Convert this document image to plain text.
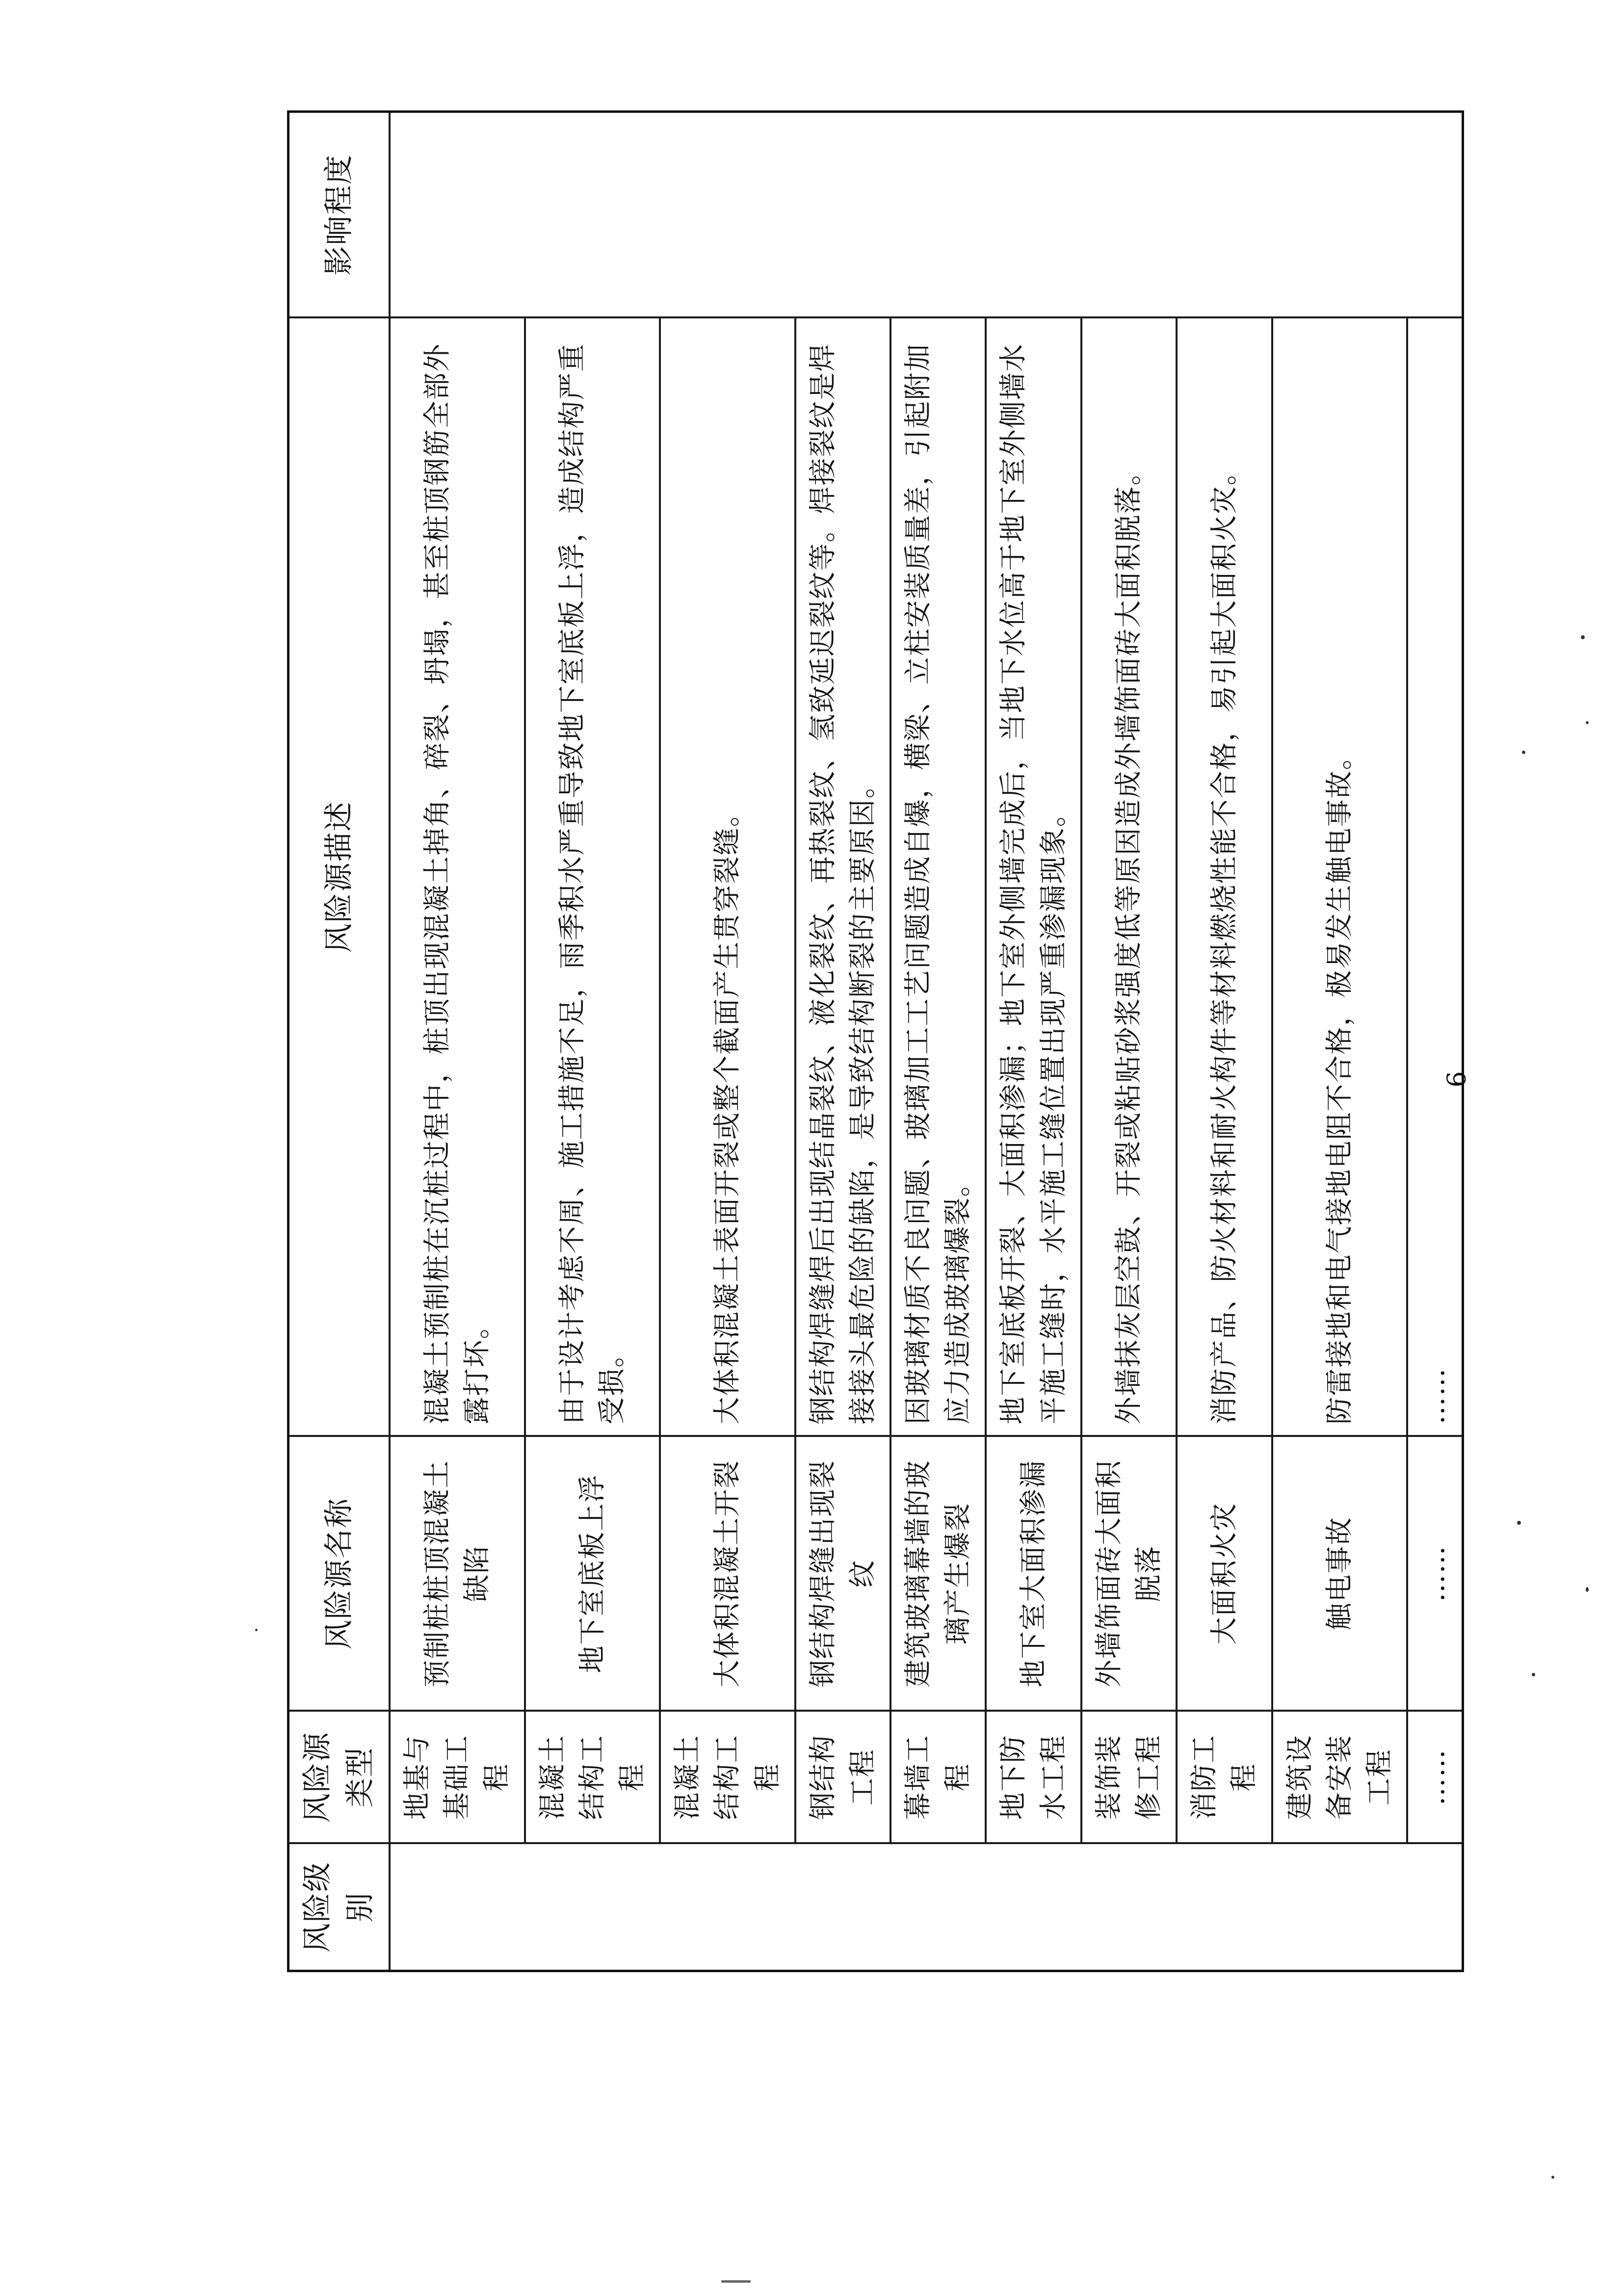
风险级别	风险源类型	风险源名称	风险源描述	影响程度
	地基与基础工程	预制桩桩顶混凝土缺陷	混凝土预制桩在沉桩过程中，桩顶出现混凝土掉角、碎裂、坍塌，甚至桩顶钢筋全部外露打坏。	
	混凝土结构工程	地下室底板上浮	由于设计考虑不周、施工措施不足，雨季积水严重导致地下室底板上浮，造成结构严重受损。	
	混凝土结构工程	大体积混凝土开裂	大体积混凝土表面开裂或整个截面产生贯穿裂缝。	
	钢结构工程	钢结构焊缝出现裂纹	钢结构焊缝焊后出现结晶裂纹、液化裂纹、再热裂纹、氢致延迟裂纹等。焊接裂纹是焊接接头最危险的缺陷，是导致结构断裂的主要原因。	
	幕墙工程	建筑玻璃幕墙的玻璃产生爆裂	因玻璃材质不良问题、玻璃加工工艺问题造成自爆，横梁、立柱安装质量差，引起附加应力造成玻璃爆裂。	
	地下防水工程	地下室大面积渗漏	地下室底板开裂、大面积渗漏；地下室外侧墙完成后，当地下水位高于地下室外侧墙水平施工缝时，水平施工缝位置出现严重渗漏现象。	
	装饰装修工程	外墙饰面砖大面积脱落	外墙抹灰层空鼓、开裂或粘贴砂浆强度低等原因造成外墙饰面砖大面积脱落。	
	消防工程	大面积火灾	消防产品、防火材料和耐火构件等材料燃烧性能不合格，易引起大面积火灾。	
	建筑设备安装工程	触电事故	防雷接地和电气接地电阻不合格，极易发生触电事故。	
	……	……	……	
6
